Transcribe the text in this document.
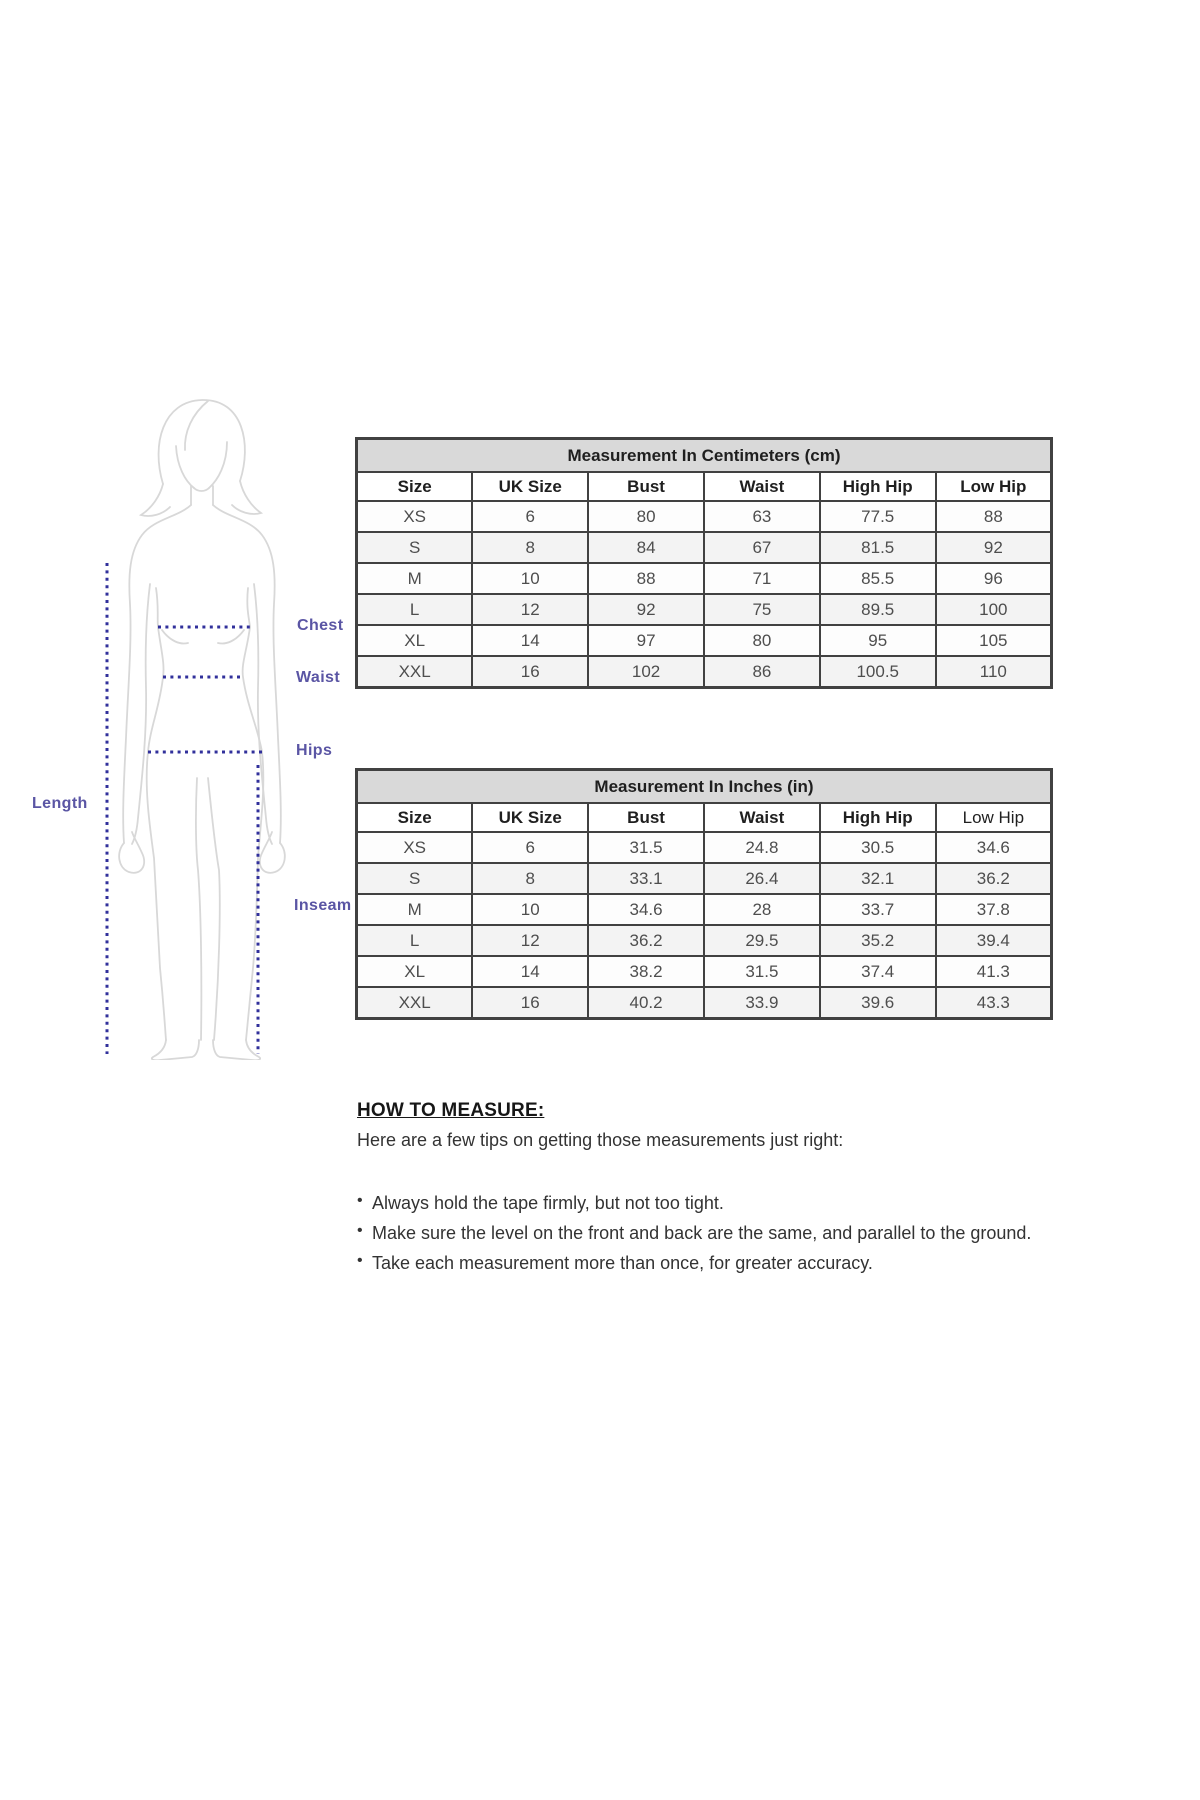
Chest
Waist
Hips
Length
Inseam
Measurement In Centimeters (cm)					
Size	UK Size	Bust	Waist	High Hip	Low Hip
XS	6	80	63	77.5	88
S	8	84	67	81.5	92
M	10	88	71	85.5	96
L	12	92	75	89.5	100
XL	14	97	80	95	105
XXL	16	102	86	100.5	110
Measurement In Inches (in)					
Size	UK Size	Bust	Waist	High Hip	Low Hip
XS	6	31.5	24.8	30.5	34.6
S	8	33.1	26.4	32.1	36.2
M	10	34.6	28	33.7	37.8
L	12	36.2	29.5	35.2	39.4
XL	14	38.2	31.5	37.4	41.3
XXL	16	40.2	33.9	39.6	43.3
HOW TO MEASURE:

Here are a few tips on getting those measurements just right:

• Always hold the tape firmly, but not too tight.
• Make sure the level on the front and back are the same, and parallel to the ground.
• Take each measurement more than once, for greater accuracy.
